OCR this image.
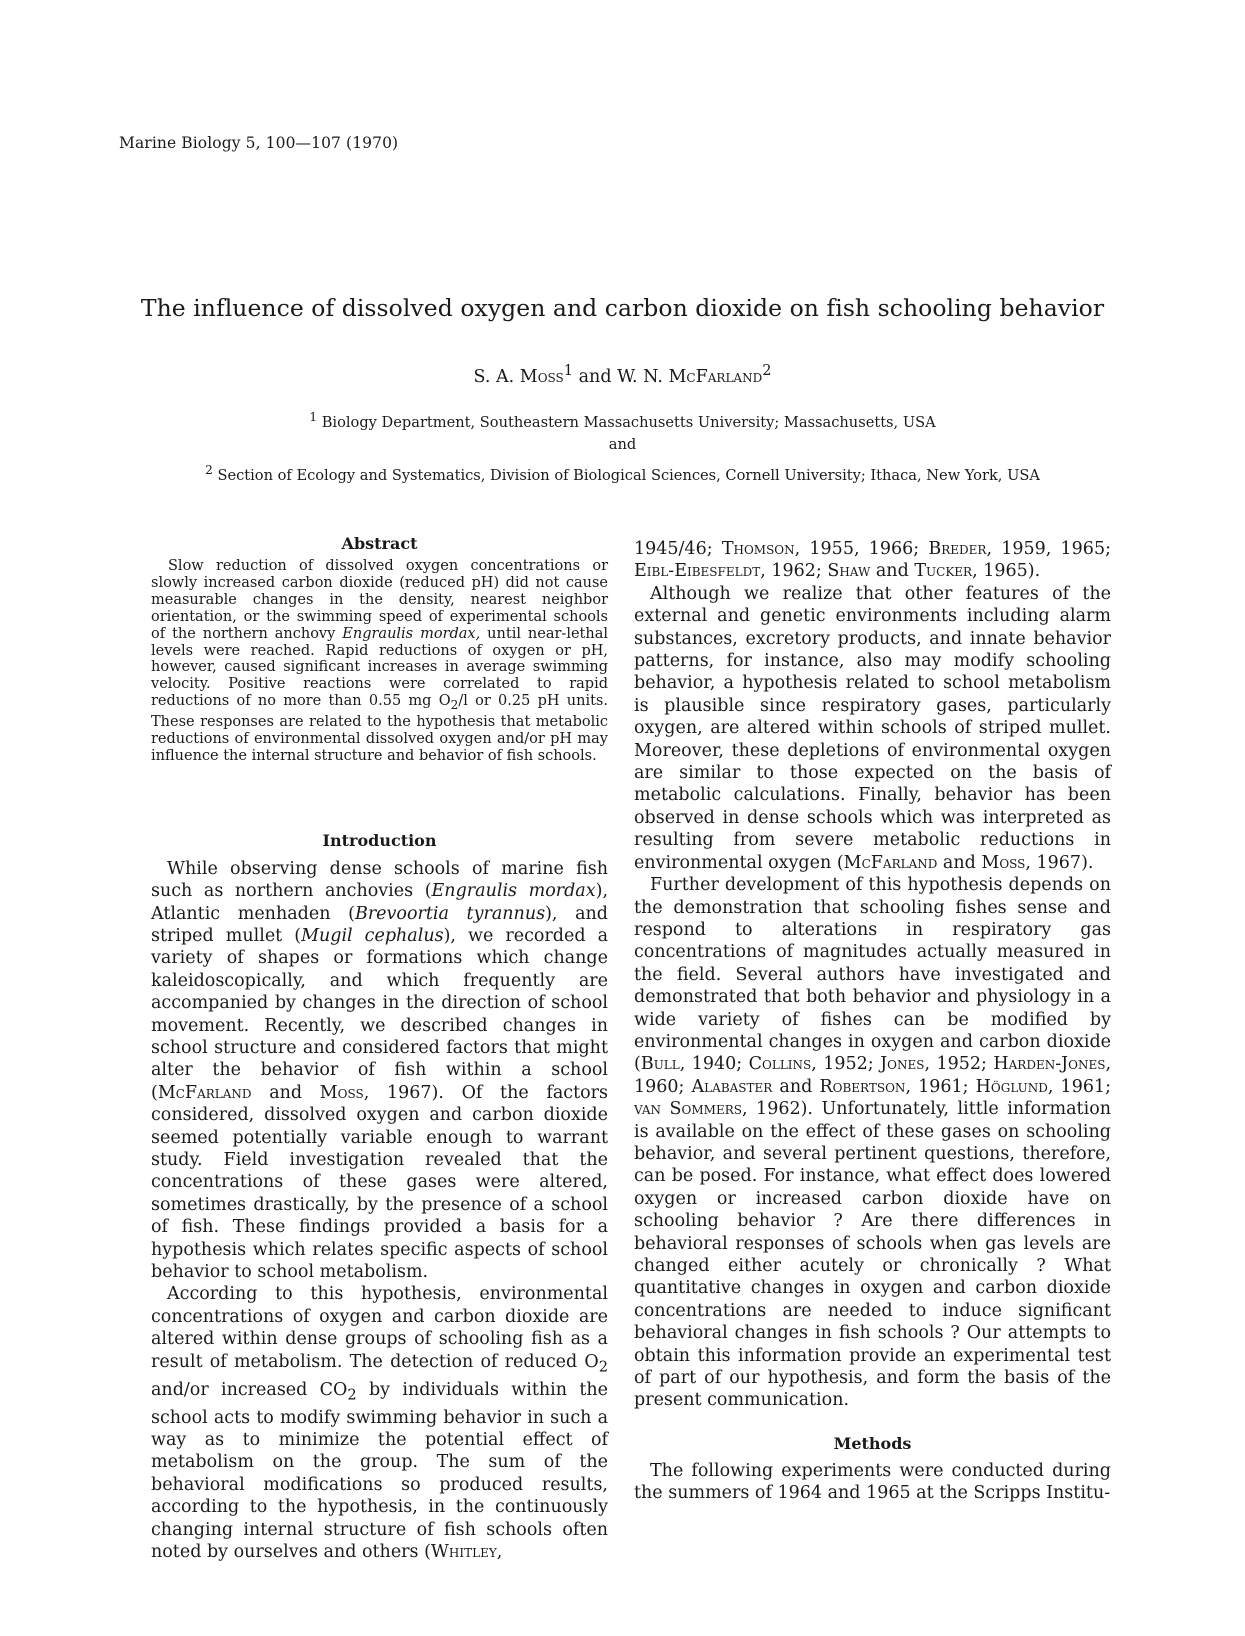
Marine Biology 5, 100—107 (1970)
The influence of dissolved oxygen and carbon dioxide on fish schooling behavior
S. A. Moss$^1$ and W. N. McFarland$^2$
$^1$ Biology Department, Southeastern Massachusetts University; Massachusetts, USA
and
$^2$ Section of Ecology and Systematics, Division of Biological Sciences, Cornell University; Ithaca, New York, USA
Abstract

Slow reduction of dissolved oxygen concentrations or slowly increased carbon dioxide (reduced pH) did not cause measurable changes in the density, nearest neighbor orientation, or the swimming speed of experimental schools of the northern anchovy Engraulis mordax, until near-lethal levels were reached. Rapid reductions of oxygen or pH, however, caused significant increases in average swimming velocity. Positive reactions were correlated to rapid reductions of no more than 0.55 mg $O_2/l$ or 0.25 pH units. These responses are related to the hypothesis that metabolic reductions of environmental dissolved oxygen and/or pH may influence the internal structure and behavior of fish schools.

Introduction

While observing dense schools of marine fish such as northern anchovies (Engraulis mordax), Atlantic menhaden (Brevoortia tyrannus), and striped mullet (Mugil cephalus), we recorded a variety of shapes or formations which change kaleidoscopically, and which frequently are accompanied by changes in the direction of school movement. Recently, we described changes in school structure and considered factors that might alter the behavior of fish within a school (McFarland and Moss, 1967). Of the factors considered, dissolved oxygen and carbon dioxide seemed potentially variable enough to warrant study. Field investigation revealed that the concentrations of these gases were altered, sometimes drastically, by the presence of a school of fish. These findings provided a basis for a hypothesis which relates specific aspects of school behavior to school metabolism.

According to this hypothesis, environmental concentrations of oxygen and carbon dioxide are altered within dense groups of schooling fish as a result of metabolism. The detection of reduced $O_2$ and/or increased $CO_2$ by individuals within the school acts to modify swimming behavior in such a way as to minimize the potential effect of metabolism on the group. The sum of the behavioral modifications so produced results, according to the hypothesis, in the continuously changing internal structure of fish schools often noted by ourselves and others (Whitley,

1945/46; Thomson, 1955, 1966; Breder, 1959, 1965; Eibl-Eibesfeldt, 1962; Shaw and Tucker, 1965).

Although we realize that other features of the external and genetic environments including alarm substances, excretory products, and innate behavior patterns, for instance, also may modify schooling behavior, a hypothesis related to school metabolism is plausible since respiratory gases, particularly oxygen, are altered within schools of striped mullet. Moreover, these depletions of environmental oxygen are similar to those expected on the basis of metabolic calculations. Finally, behavior has been observed in dense schools which was interpreted as resulting from severe metabolic reductions in environmental oxygen (McFarland and Moss, 1967).

Further development of this hypothesis depends on the demonstration that schooling fishes sense and respond to alterations in respiratory gas concentrations of magnitudes actually measured in the field. Several authors have investigated and demonstrated that both behavior and physiology in a wide variety of fishes can be modified by environmental changes in oxygen and carbon dioxide (Bull, 1940; Collins, 1952; Jones, 1952; Harden-Jones, 1960; Alabaster and Robertson, 1961; Höglund, 1961; van Sommers, 1962). Unfortunately, little information is available on the effect of these gases on schooling behavior, and several pertinent questions, therefore, can be posed. For instance, what effect does lowered oxygen or increased carbon dioxide have on schooling behavior ? Are there differences in behavioral responses of schools when gas levels are changed either acutely or chronically ? What quantitative changes in oxygen and carbon dioxide concentrations are needed to induce significant behavioral changes in fish schools ? Our attempts to obtain this information provide an experimental test of part of our hypothesis, and form the basis of the present communication.

Methods

The following experiments were conducted during the summers of 1964 and 1965 at the Scripps Institu-
